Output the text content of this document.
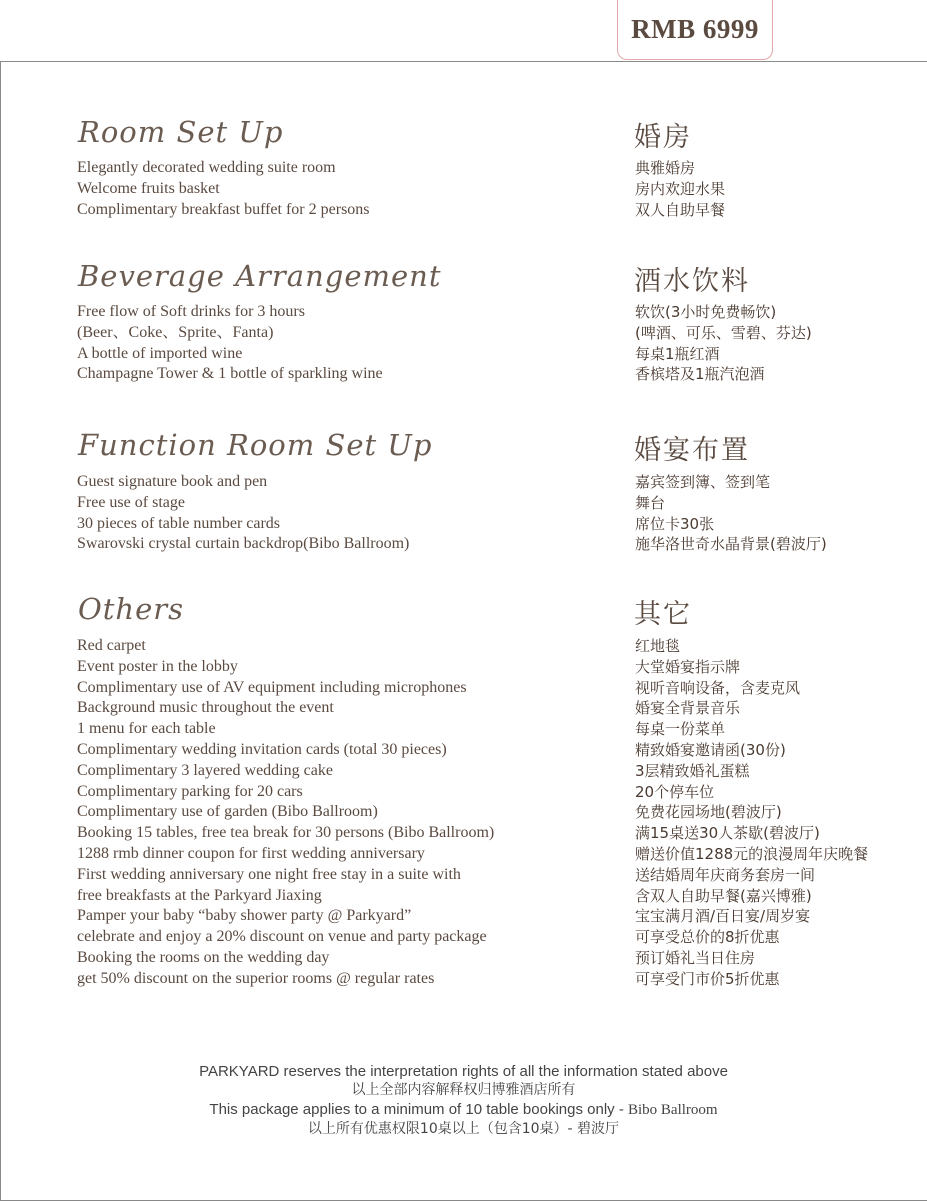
RMB 6999
Room Set Up	婚房
Elegantly decorated wedding suite room
Welcome fruits basket
Complimentary breakfast buffet for 2 persons
典雅婚房
房内欢迎水果
双人自助早餐
Beverage Arrangement	酒水饮料
Free flow of Soft drinks for 3 hours
(Beer、Coke、Sprite、Fanta)
A bottle of imported wine
Champagne Tower & 1 bottle of sparkling wine
软饮(3小时免费畅饮)
(啤酒、可乐、雪碧、芬达)
每桌1瓶红酒
香槟塔及1瓶汽泡酒
Function Room Set Up	婚宴布置
Guest signature book and pen
Free use of stage
30 pieces of table number cards
Swarovski crystal curtain backdrop(Bibo Ballroom)
嘉宾签到簿、签到笔
舞台
席位卡30张
施华洛世奇水晶背景(碧波厅)
Others	其它
Red carpet
Event poster in the lobby
Complimentary use of AV equipment including microphones
Background music throughout the event
1 menu for each table
Complimentary wedding invitation cards (total 30 pieces)
Complimentary 3 layered wedding cake
Complimentary parking for 20 cars
Complimentary use of garden (Bibo Ballroom)
Booking 15 tables, free tea break for 30 persons (Bibo Ballroom)
1288 rmb dinner coupon for first wedding anniversary
First wedding anniversary one night free stay in a suite with
free breakfasts at the Parkyard Jiaxing
Pamper your baby “baby shower party @ Parkyard”
celebrate and enjoy a 20% discount on venue and party package
Booking the rooms on the wedding day
get 50% discount on the superior rooms @ regular rates
红地毯
大堂婚宴指示牌
视听音响设备，含麦克风
婚宴全背景音乐
每桌一份菜单
精致婚宴邀请函(30份)
3层精致婚礼蛋糕
20个停车位
免费花园场地(碧波厅)
满15桌送30人茶歇(碧波厅)
赠送价值1288元的浪漫周年庆晚餐
送结婚周年庆商务套房一间
含双人自助早餐(嘉兴博雅)
宝宝满月酒/百日宴/周岁宴
可享受总价的8折优惠
预订婚礼当日住房
可享受门市价5折优惠
PARKYARD reserves the interpretation rights of all the information stated above
以上全部内容解释权归博雅酒店所有
This package applies to a minimum of 10 table bookings only - Bibo Ballroom
以上所有优惠权限10桌以上（包含10桌）- 碧波厅
